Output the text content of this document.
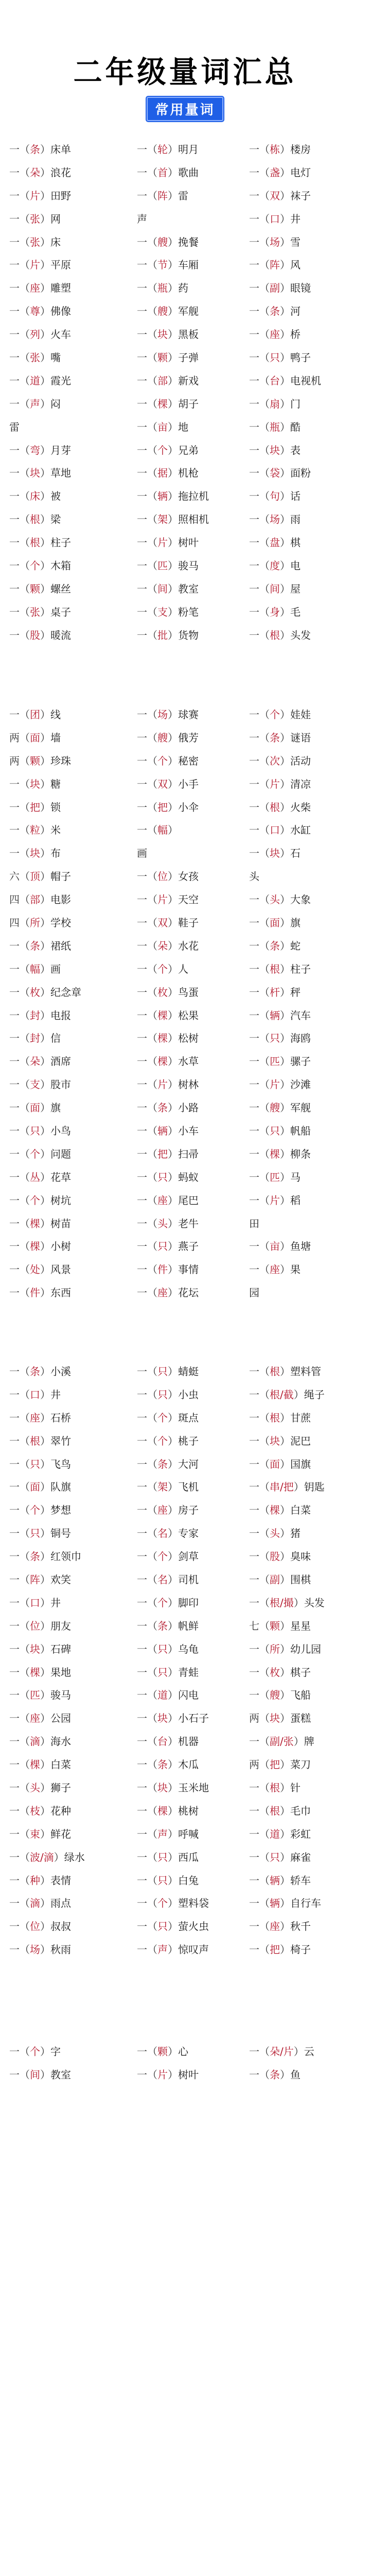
二年级量词汇总
常用量词
一（条）床单	一（轮）明月	一（栋）楼房
一（朵）浪花	一（首）歌曲	一（盏）电灯
一（片）田野	一（阵）雷	一（双）袜子
一（张）网	声	一（口）井
一（张）床	一（艘）挽餐	一（场）雪
一（片）平原	一（节）车厢	一（阵）风
一（座）雕塑	一（瓶）药	一（副）眼镜
一（尊）佛像	一（艘）军舰	一（条）河
一（列）火车	一（块）黑板	一（座）桥
一（张）嘴	一（颗）子弹	一（只）鸭子
一（道）霞光	一（部）新戏	一（台）电视机
一（声）闷	一（棵）胡子	一（扇）门
雷	一（亩）地	一（瓶）酷
一（弯）月芽	一（个）兄弟	一（块）表
一（块）草地	一（据）机枪	一（袋）面粉
一（床）被	一（辆）拖拉机	一（句）话
一（根）梁	一（架）照相机	一（场）雨
一（根）柱子	一（片）树叶	一（盘）棋
一（个）木箱	一（匹）骏马	一（度）电
一（颗）螺丝	一（间）教室	一（间）屋
一（张）桌子	一（支）粉笔	一（身）毛
一（股）暖流	一（批）货物	一（根）头发
一（团）线	一（场）球赛	一（个）娃娃
两（面）墙	一（艘）俄芳	一（条）谜语
两（颗）珍珠	一（个）秘密	一（次）活动
一（块）糖	一（双）小手	一（片）清凉
一（把）锁	一（把）小伞	一（根）火柴
一（粒）米	一（幅）	一（口）水缸
一（块）布	画	一（块）石
六（顶）帽子	一（位）女孩	头
四（部）电影	一（片）天空	一（头）大象
四（所）学校	一（双）鞋子	一（面）旗
一（条）裙纸	一（朵）水花	一（条）蛇
一（幅）画	一（个）人	一（根）柱子
一（枚）纪念章	一（枚）鸟蛋	一（杆）秤
一（封）电报	一（棵）松果	一（辆）汽车
一（封）信	一（棵）松树	一（只）海鸥
一（朵）酒席	一（棵）水草	一（匹）骡子
一（支）股市	一（片）树林	一（片）沙滩
一（面）旗	一（条）小路	一（艘）军舰
一（只）小鸟	一（辆）小车	一（只）帆船
一（个）问题	一（把）扫帚	一（棵）柳条
一（丛）花草	一（只）蚂蚁	一（匹）马
一（个）树坑	一（座）尾巴	一（片）稻
一（棵）树苗	一（头）老牛	田
一（棵）小树	一（只）燕子	一（亩）鱼塘
一（处）风景	一（件）事情	一（座）果
一（件）东西	一（座）花坛	园
一（条）小溪	一（只）蜻蜓	一（根）塑料管
一（口）井	一（只）小虫	一（根/截）绳子
一（座）石桥	一（个）斑点	一（根）甘蔗
一（根）翠竹	一（个）桃子	一（块）泥巴
一（只）飞鸟	一（条）大河	一（面）国旗
一（面）队旗	一（架）飞机	一（串/把）钥匙
一（个）梦想	一（座）房子	一（棵）白菜
一（只）铜号	一（名）专家	一（头）猪
一（条）红领巾	一（个）剑草	一（股）臭味
一（阵）欢笑	一（名）司机	一（副）围棋
一（口）井	一（个）脚印	一（根/撮）头发
一（位）朋友	一（条）帆鲜	七（颗）星星
一（块）石碑	一（只）乌龟	一（所）幼儿园
一（棵）果地	一（只）青蛙	一（枚）棋子
一（匹）骏马	一（道）闪电	一（艘）飞船
一（座）公园	一（块）小石子	两（块）蛋糕
一（滴）海水	一（台）机器	一（副/张）牌
一（棵）白菜	一（条）木瓜	两（把）菜刀
一（头）狮子	一（块）玉米地	一（根）针
一（枝）花种	一（棵）桃树	一（根）毛巾
一（束）鲜花	一（声）呼喊	一（道）彩虹
一（波/滴）绿水	一（只）西瓜	一（只）麻雀
一（种）表情	一（只）白兔	一（辆）轿车
一（滴）雨点	一（个）塑料袋	一（辆）自行车
一（位）叔叔	一（只）萤火虫	一（座）秋千
一（场）秋雨	一（声）惊叹声	一（把）椅子
一（个）字	一（颗）心	一（朵/片）云
一（间）教室	一（片）树叶	一（条）鱼
